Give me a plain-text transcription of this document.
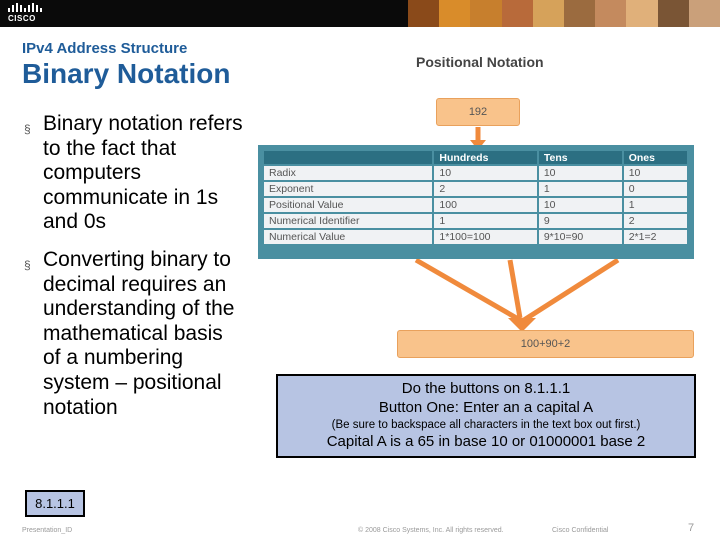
CISCO
IPv4 Address Structure
Binary Notation
§ Binary notation refers to the fact that computers communicate in 1s and 0s
§ Converting binary to decimal requires an understanding of the mathematical basis of a numbering system – positional notation
Positional Notation
192
	Hundreds	Tens	Ones
Radix	10	10	10
Exponent	2	1	0
Positional Value	100	10	1
Numerical Identifier	1	9	2
Numerical Value	1*100=100	9*10=90	2*1=2
100+90+2
Do the buttons on 8.1.1.1
Button One: Enter an a capital A
(Be sure to backspace all characters in the text box out first.)
Capital A is a 65 in base 10 or 01000001 base 2
8.1.1.1
Presentation_ID	© 2008 Cisco Systems, Inc. All rights reserved.	Cisco Confidential	7
